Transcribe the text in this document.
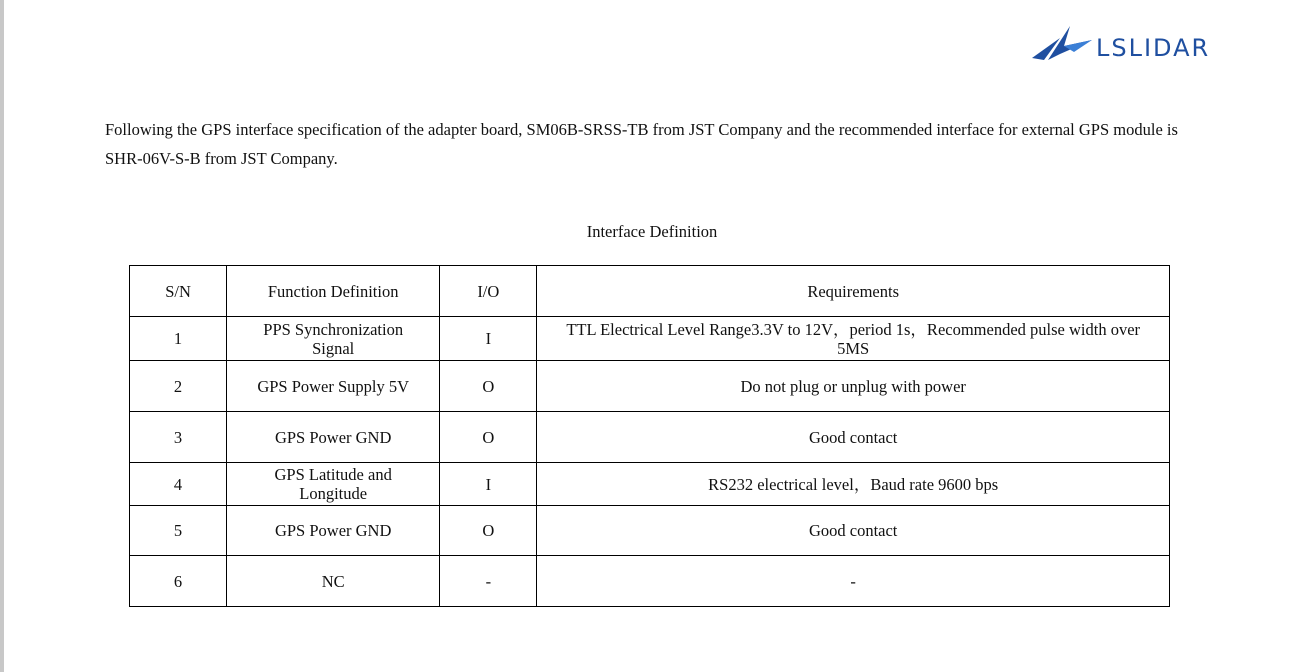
LSLIDAR

Following the GPS interface specification of the adapter board, SM06B-SRSS-TB from JST Company and the recommended interface for external GPS module is SHR-06V-S-B from JST Company.

Interface Definition
S/N	Function Definition	I/O	Requirements
1	PPS Synchronization Signal	I	TTL Electrical Level Range3.3V to 12V，period 1s，Recommended pulse width over 5MS
2	GPS Power Supply 5V	O	Do not plug or unplug with power
3	GPS Power GND	O	Good contact
4	GPS Latitude and Longitude	I	RS232 electrical level，Baud rate 9600 bps
5	GPS Power GND	O	Good contact
6	NC	-	-
